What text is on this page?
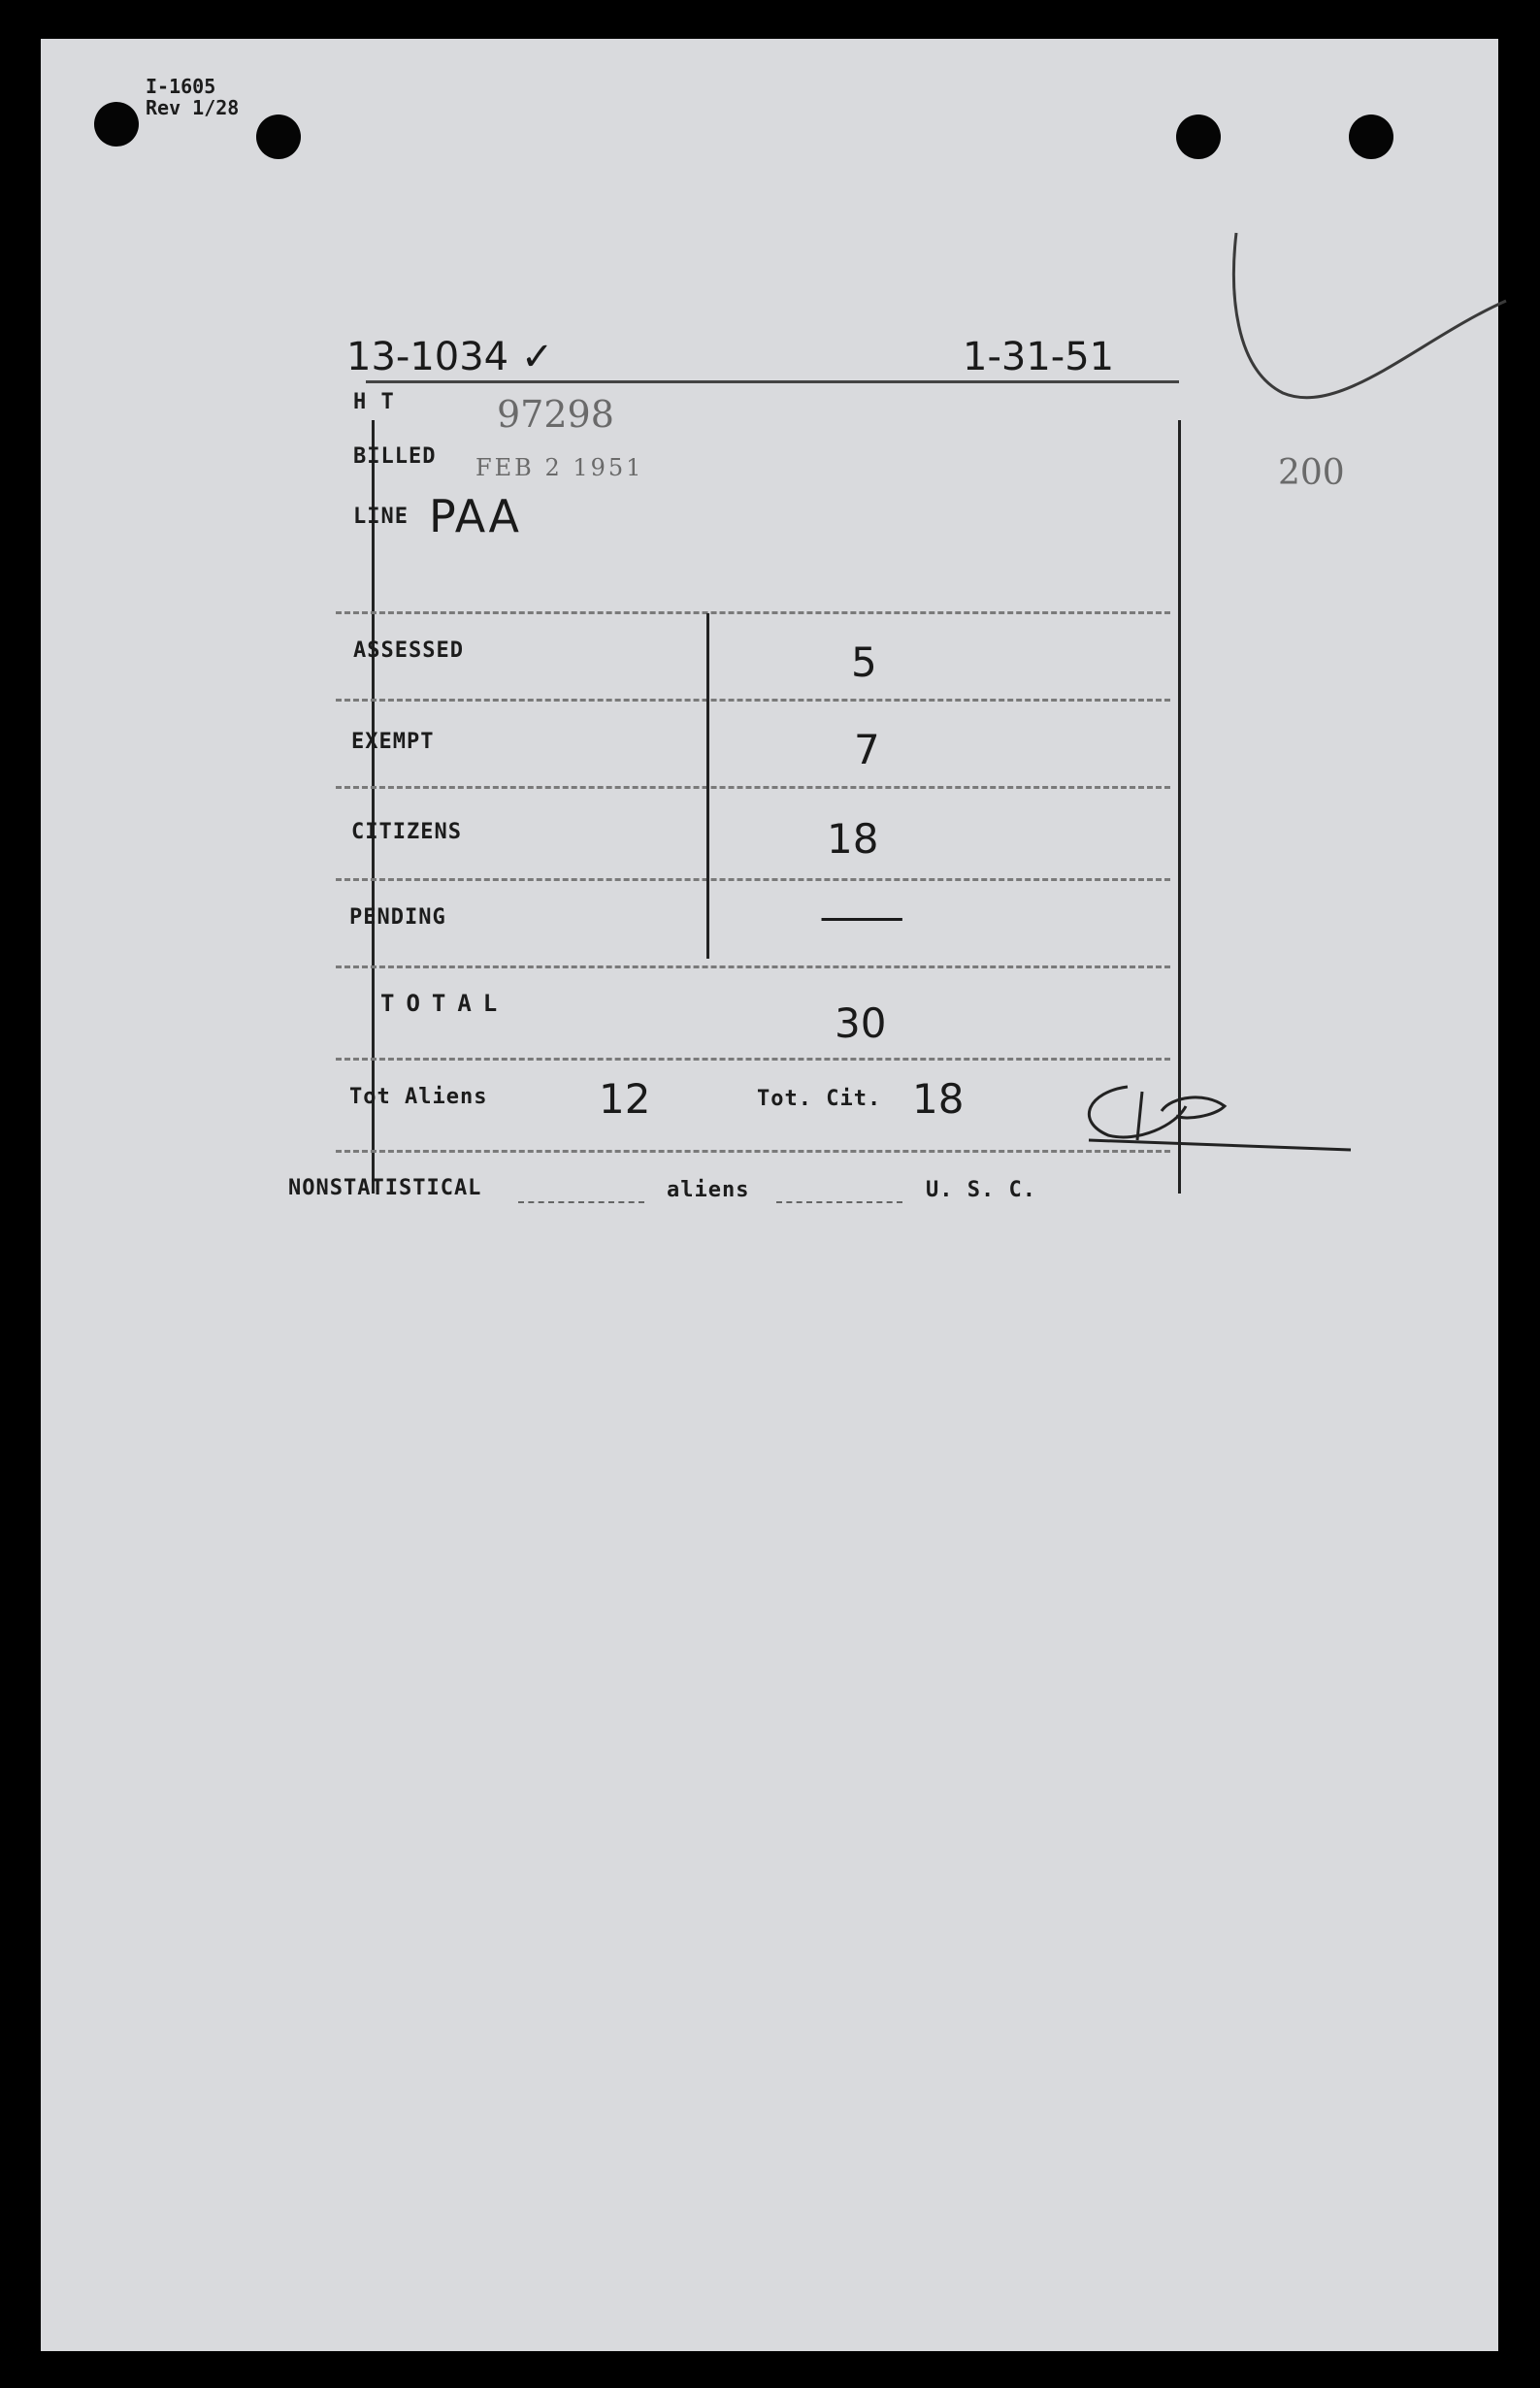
I-1605
Rev 1/28
200
13-1034 ✓	1-31-51
H T	97298
BILLED FEB 2 1951
LINE PAA
ASSESSED	5
EXEMPT	7
CITIZENS	18
PENDING	—
TOTAL	30
Tot Aliens	12	Tot. Cit. 18
NONSTATISTICAL	aliens	U. S. C.
